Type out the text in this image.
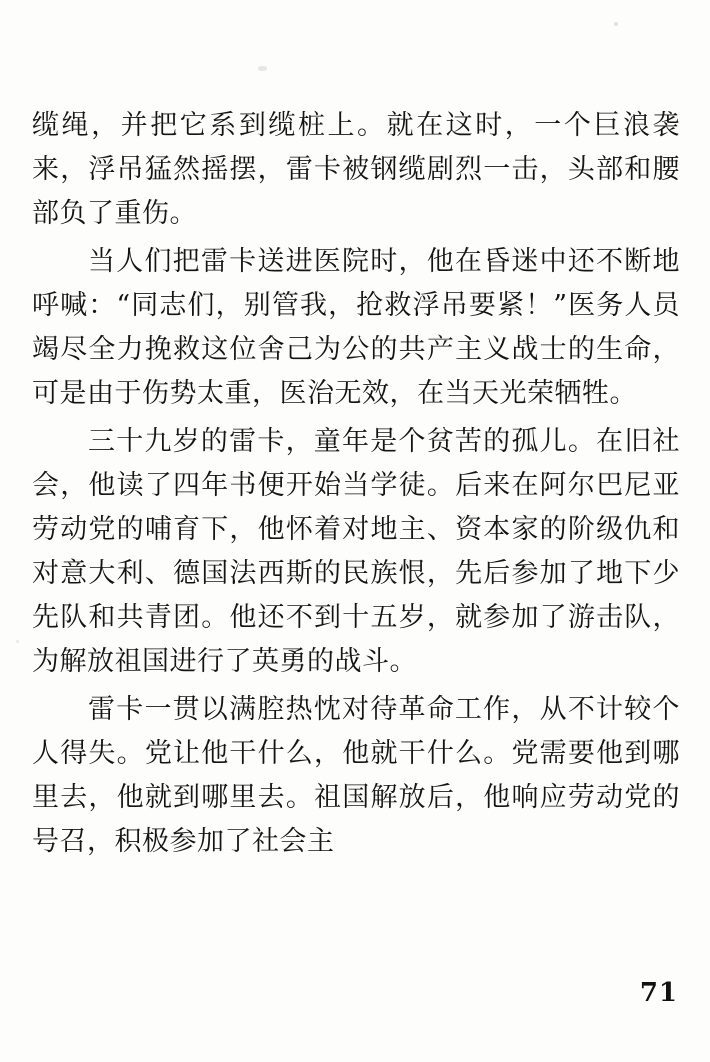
缆绳，并把它系到缆桩上。就在这时，一个巨浪袭来，浮吊猛然摇摆，雷卡被钢缆剧烈一击，头部和腰部负了重伤。

当人们把雷卡送进医院时，他在昏迷中还不断地呼喊：“同志们，别管我，抢救浮吊要紧！”医务人员竭尽全力挽救这位舍己为公的共产主义战士的生命，可是由于伤势太重，医治无效，在当天光荣牺牲。

三十九岁的雷卡，童年是个贫苦的孤儿。在旧社会，他读了四年书便开始当学徒。后来在阿尔巴尼亚劳动党的哺育下，他怀着对地主、资本家的阶级仇和对意大利、德国法西斯的民族恨，先后参加了地下少先队和共青团。他还不到十五岁，就参加了游击队，为解放祖国进行了英勇的战斗。

雷卡一贯以满腔热忱对待革命工作，从不计较个人得失。党让他干什么，他就干什么。党需要他到哪里去，他就到哪里去。祖国解放后，他响应劳动党的号召，积极参加了社会主

71
